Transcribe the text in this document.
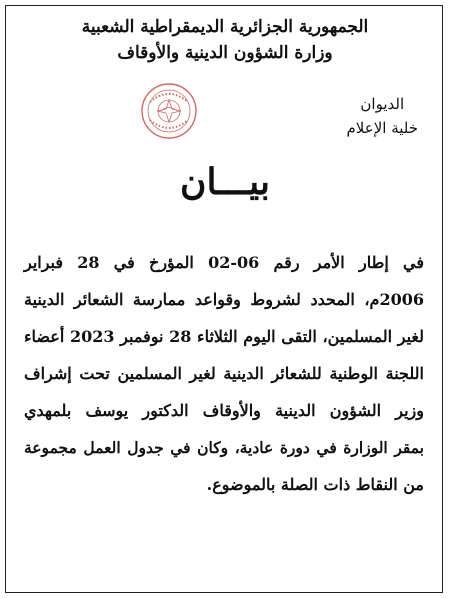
الجمهورية الجزائرية الديمقراطية الشعبية
وزارة الشؤون الدينية والأوقاف
الديوان
خلية الإعلام
بيـــان
في إطار الأمر رقم 06-02 المؤرخ في 28 فبراير
2006م، المحدد لشروط وقواعد ممارسة الشعائر الدينية
لغير المسلمين، التقى اليوم الثلاثاء 28 نوفمبر 2023 أعضاء
اللجنة الوطنية للشعائر الدينية لغير المسلمين تحت إشراف
وزير الشؤون الدينية والأوقاف الدكتور يوسف بلمهدي
بمقر الوزارة في دورة عادية، وكان في جدول العمل مجموعة
من النقاط ذات الصلة بالموضوع.
